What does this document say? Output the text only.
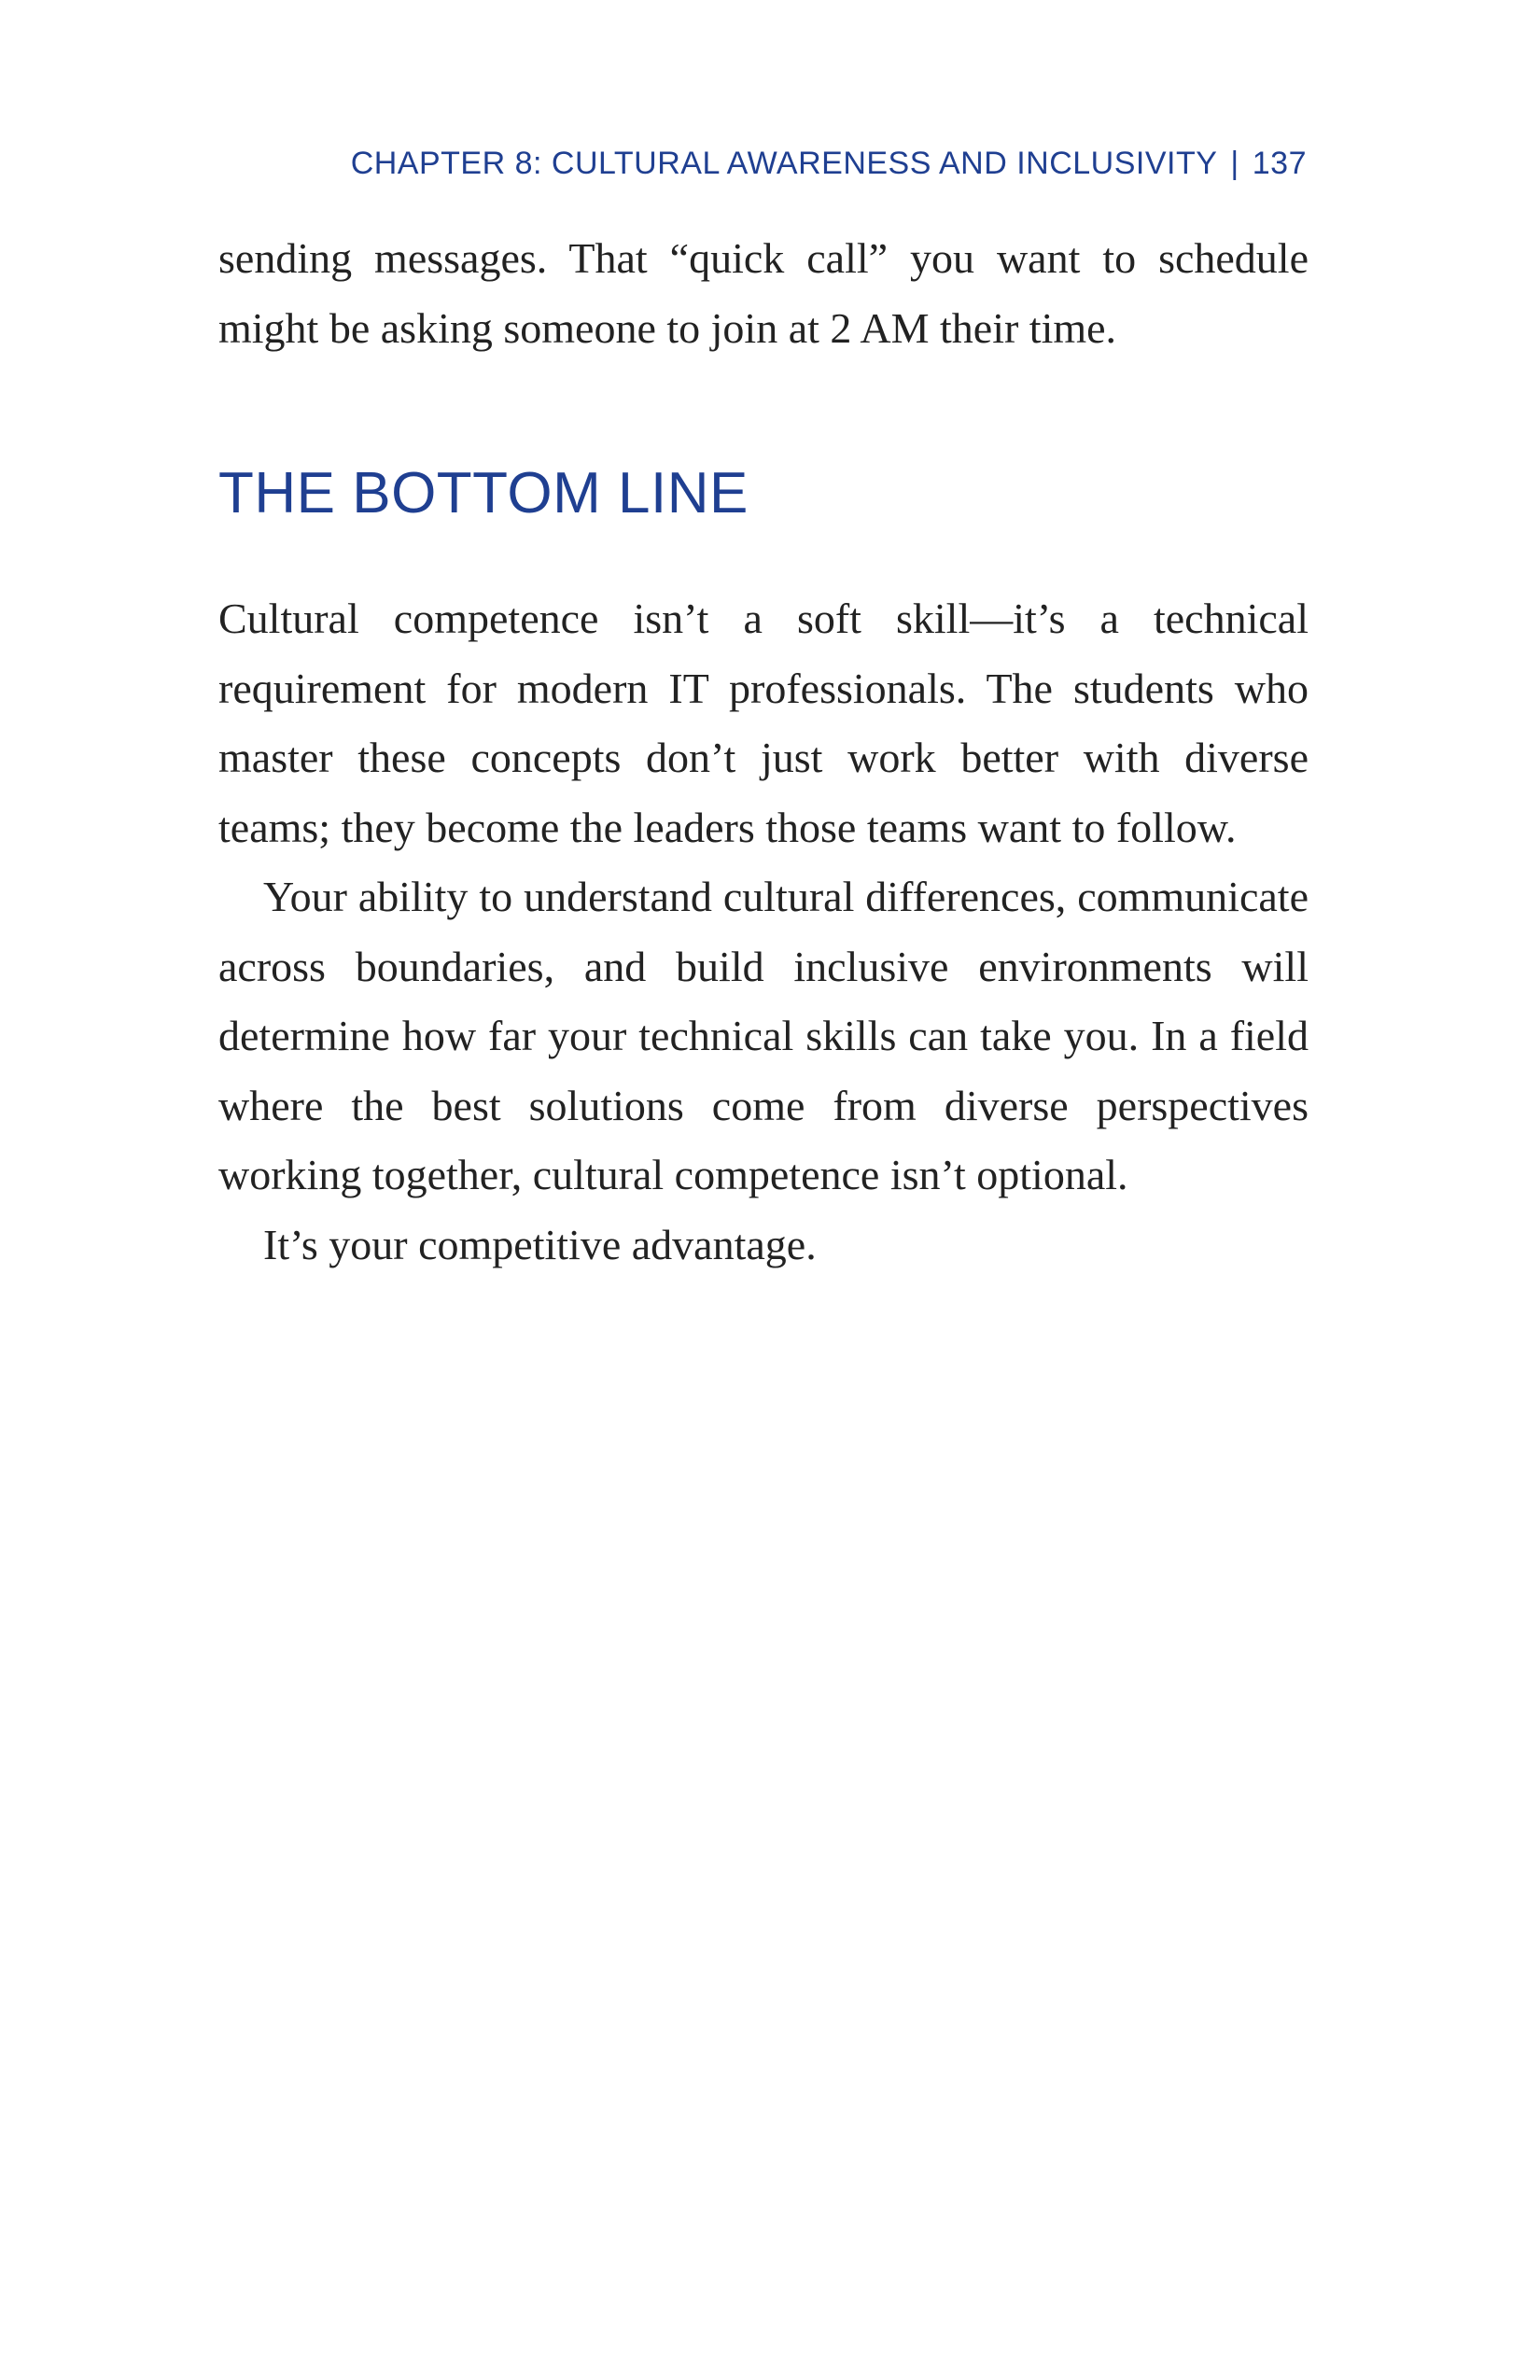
CHAPTER 8: CULTURAL AWARENESS AND INCLUSIVITY | 137

sending messages. That “quick call” you want to schedule might be asking someone to join at 2 AM their time.

THE BOTTOM LINE

Cultural competence isn’t a soft skill—it’s a technical requirement for modern IT professionals. The students who master these concepts don’t just work better with diverse teams; they become the leaders those teams want to follow.

Your ability to understand cultural differences, communicate across boundaries, and build inclusive environments will determine how far your technical skills can take you. In a field where the best solutions come from diverse perspectives working together, cultural competence isn’t optional.

It’s your competitive advantage.
